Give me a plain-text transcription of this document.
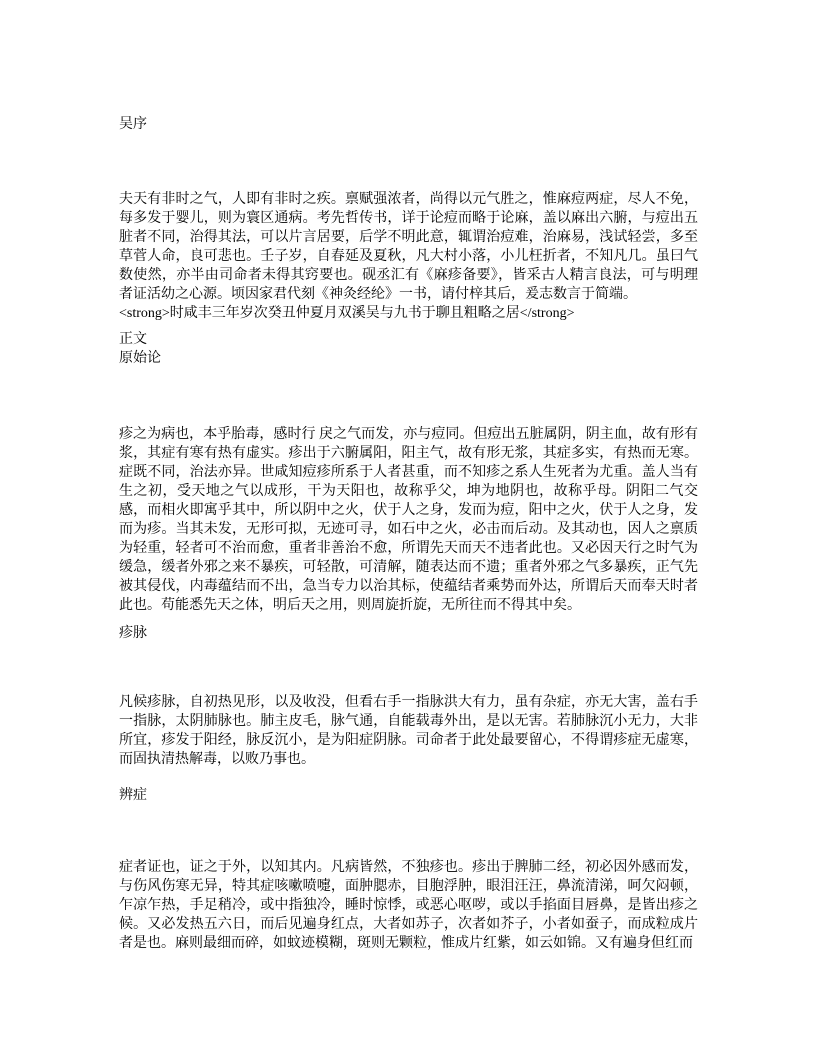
吴序

夫天有非时之气，人即有非时之疾。禀赋强浓者，尚得以元气胜之，惟麻痘两症，尽人不免，每多发于婴儿，则为寰区通病。考先哲传书，详于论痘而略于论麻，盖以麻出六腑，与痘出五脏者不同，治得其法，可以片言居要，后学不明此意，辄谓治痘难，治麻易，浅试轻尝，多至草菅人命，良可悲也。壬子岁，自春延及夏秋，凡大村小落，小儿枉折者，不知凡几。虽曰气数使然，亦半由司命者未得其窍要也。砚丞汇有《麻疹备要》，皆采古人精言良法，可与明理者证活幼之心源。顷因家君代刻《神灸经纶》一书，请付梓其后，爰志数言于简端。

<strong>时咸丰三年岁次癸丑仲夏月双溪吴与九书于聊且粗略之居</strong>

正文
原始论

疹之为病也，本乎胎毒，感时行 戾之气而发，亦与痘同。但痘出五脏属阴，阴主血，故有形有浆，其症有寒有热有虚实。疹出于六腑属阳，阳主气，故有形无浆，其症多实，有热而无寒。症既不同，治法亦异。世咸知痘疹所系于人者甚重，而不知疹之系人生死者为尤重。盖人当有生之初，受天地之气以成形，干为天阳也，故称乎父，坤为地阴也，故称乎母。阴阳二气交感，而相火即寓乎其中，所以阴中之火，伏于人之身，发而为痘，阳中之火，伏于人之身，发而为疹。当其未发，无形可拟，无迹可寻，如石中之火，必击而后动。及其动也，因人之禀质为轻重，轻者可不治而愈，重者非善治不愈，所谓先天而天不违者此也。又必因天行之时气为缓急，缓者外邪之来不暴疾，可轻散，可清解，随表达而不遗；重者外邪之气多暴疾，正气先被其侵伐，内毒蕴结而不出，急当专力以治其标，使蕴结者乘势而外达，所谓后天而奉天时者此也。苟能悉先天之体，明后天之用，则周旋折旋，无所往而不得其中矣。

疹脉

凡候疹脉，自初热见形，以及收没，但看右手一指脉洪大有力，虽有杂症，亦无大害，盖右手一指脉，太阴肺脉也。肺主皮毛，脉气通，自能载毒外出，是以无害。若肺脉沉小无力，大非所宜，疹发于阳经，脉反沉小，是为阳症阴脉。司命者于此处最要留心，不得谓疹症无虚寒，而固执清热解毒，以败乃事也。

辨症

症者证也，证之于外，以知其内。凡病皆然，不独疹也。疹出于脾肺二经，初必因外感而发，与伤风伤寒无异，特其症咳嗽喷嚏，面肿腮赤，目胞浮肿，眼泪汪汪，鼻流清涕，呵欠闷顿，乍凉乍热，手足稍冷，或中指独冷，睡时惊悸，或恶心呕哕，或以手掐面目唇鼻，是皆出疹之候。又必发热五六日，而后见遍身红点，大者如苏子，次者如芥子，小者如蚕子，而成粒成片者是也。麻则最细而碎，如蚊迹模糊，斑则无颗粒，惟成片红紫，如云如锦。又有遍身但红而
